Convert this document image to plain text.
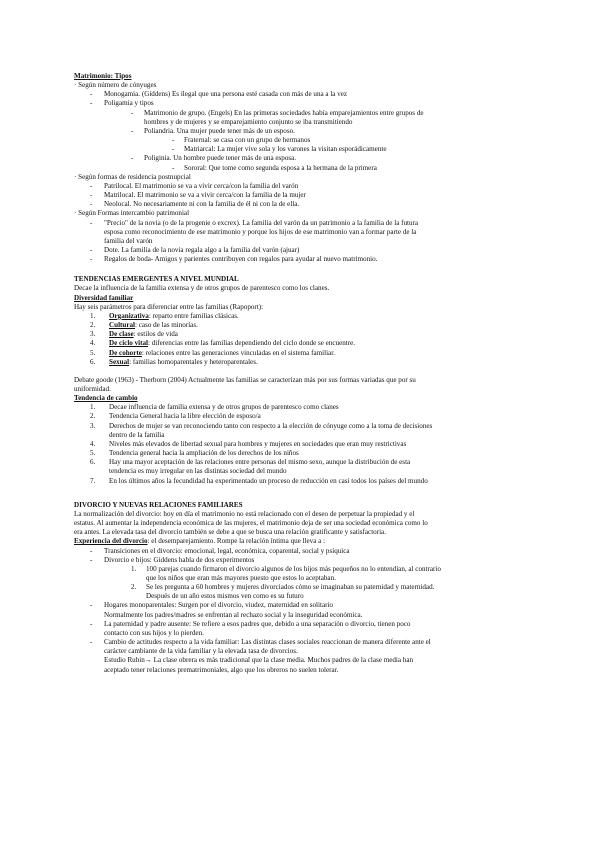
Matrimonio: Tipos
· Según número de cónyuges
- Monogamia. (Giddens) Es ilegal que una persona esté casada con más de una a la vez
- Poligamia y tipos
- Matrimonio de grupo. (Engels) En las primeras sociedades había emparejamientos entre grupos de
hombres y de mujeres y se emparejamiento conjunto se iba transmitiendo
- Poliandria. Una mujer puede tener más de un esposo.
- Fraternal: se casa con un grupo de hermanos
- Matriarcal: La mujer vive sola y los varones la visitan esporádicamente
- Poliginia. Un hombre puede tener más de una esposa.
- Sororal: Que tome como segunda esposa a la hermana de la primera
· Según formas de residencia postnupcial
- Patrilocal. El matrimonio se va a vivir cerca/con la familia del varón
- Matrilocal. El matrimonio se va a vivir cerca/con la familia de la mujer
- Neolocal. No necesariamente ni con la familia de él ni con la de ella.
· Según Formas intercambio patrimonial
- "Precio" de la novia (o de la progenie o excrex). La familia del varón da un patrimonio a la familia de la futura
esposa como reconocimiento de ese matrimonio y porque los hijos de ese matrimonio van a formar parte de la
familia del varón
- Dote. La familia de la novia regala algo a la familia del varón (ajuar)
- Regalos de boda- Amigos y parientes contribuyen con regalos para ayudar al nuevo matrimonio.
TENDENCIAS EMERGENTES A NIVEL MUNDIAL
Decae la influencia de la familia extensa y de otros grupos de parentesco como los clanes.
Diversidad familiar
Hay seis parámetros para diferenciar entre las familias (Rapoport):
1. Organizativa: reparto entre familias clásicas.
2. Cultural: caso de las minorías.
3. De clase: estilos de vida
4. De ciclo vital: diferencias entre las familias dependiendo del ciclo donde se encuentre.
5. De cohorte: relaciones entre las generaciones vinculadas en el sistema familiar.
6. Sexual: familias homoparentales y heteroparentales.
Debate goode (1963) - Therborn (2004) Actualmente las familias se caracterizan más por sus formas variadas que por su
uniformidad.
Tendencia de cambio
1. Decae influencia de familia extensa y de otros grupos de parentesco como clanes
2. Tendencia General hacia la libre elección de esposo/a
3. Derechos de mujer se van reconociendo tanto con respecto a la elección de cónyuge como a la toma de decisiones
dentro de la familia
4. Niveles más elevados de libertad sexual para hombres y mujeres en sociedades que eran muy restrictivas
5. Tendencia general hacia la ampliación de los derechos de los niños
6. Hay una mayor aceptación de las relaciones entre personas del mismo sexo, aunque la distribución de esta
tendencia es muy irregular en las distintas sociedad del mundo
7. En los últimos años la fecundidad ha experimentado un proceso de reducción en casi todos los países del mundo
DIVORCIO Y NUEVAS RELACIONES FAMILIARES
La normalización del divorcio: hoy en día el matrimonio no está relacionado con el deseo de perpetuar la propiedad y el
estatus. Al aumentar la independencia económica de las mujeres, el matrimonio deja de ser una sociedad económica como lo
era antes. La elevada tasa del divorcio también se debe a que se busca una relación gratificante y satisfactoria.
Experiencia del divorcio: el desemparejamiento. Rompe la relación íntima que lleva a :
- Transiciones en el divorcio: emocional, legal, económica, coparental, social y psíquica
- Divorcio e hijos: Giddens habla de dos experimentos
1. 100 parejas cuando firmaron el divorcio algunos de los hijos más pequeños no lo entendían, al contrario
que los niños que eran más mayores puesto que estos lo aceptaban.
2. Se les pregunta a 60 hombres y mujeres divorciados cómo se imaginaban su paternidad y maternidad.
Después de un año estos mismos ven como es su futuro
- Hogares monoparentales: Surgen por el divorcio, viudez, maternidad en solitario
Normalmente los padres/madres se enfrentan al rechazo social y la inseguridad económica.
- La paternidad y padre ausente: Se refiere a esos padres que, debido a una separación o divorcio, tienen poco
contacto con sus hijos y lo pierden.
- Cambio de actitudes respecto a la vida familiar: Las distintas clases sociales reaccionan de manera diferente ante el
carácter cambiante de la vida familiar y la elevada tasa de divorcios.
Estudio Rubin→ La clase obrera es más tradicional que la clase media. Muchos padres de la clase media han
aceptado tener relaciones prematrimoniales, algo que los obreros no suelen tolerar.
